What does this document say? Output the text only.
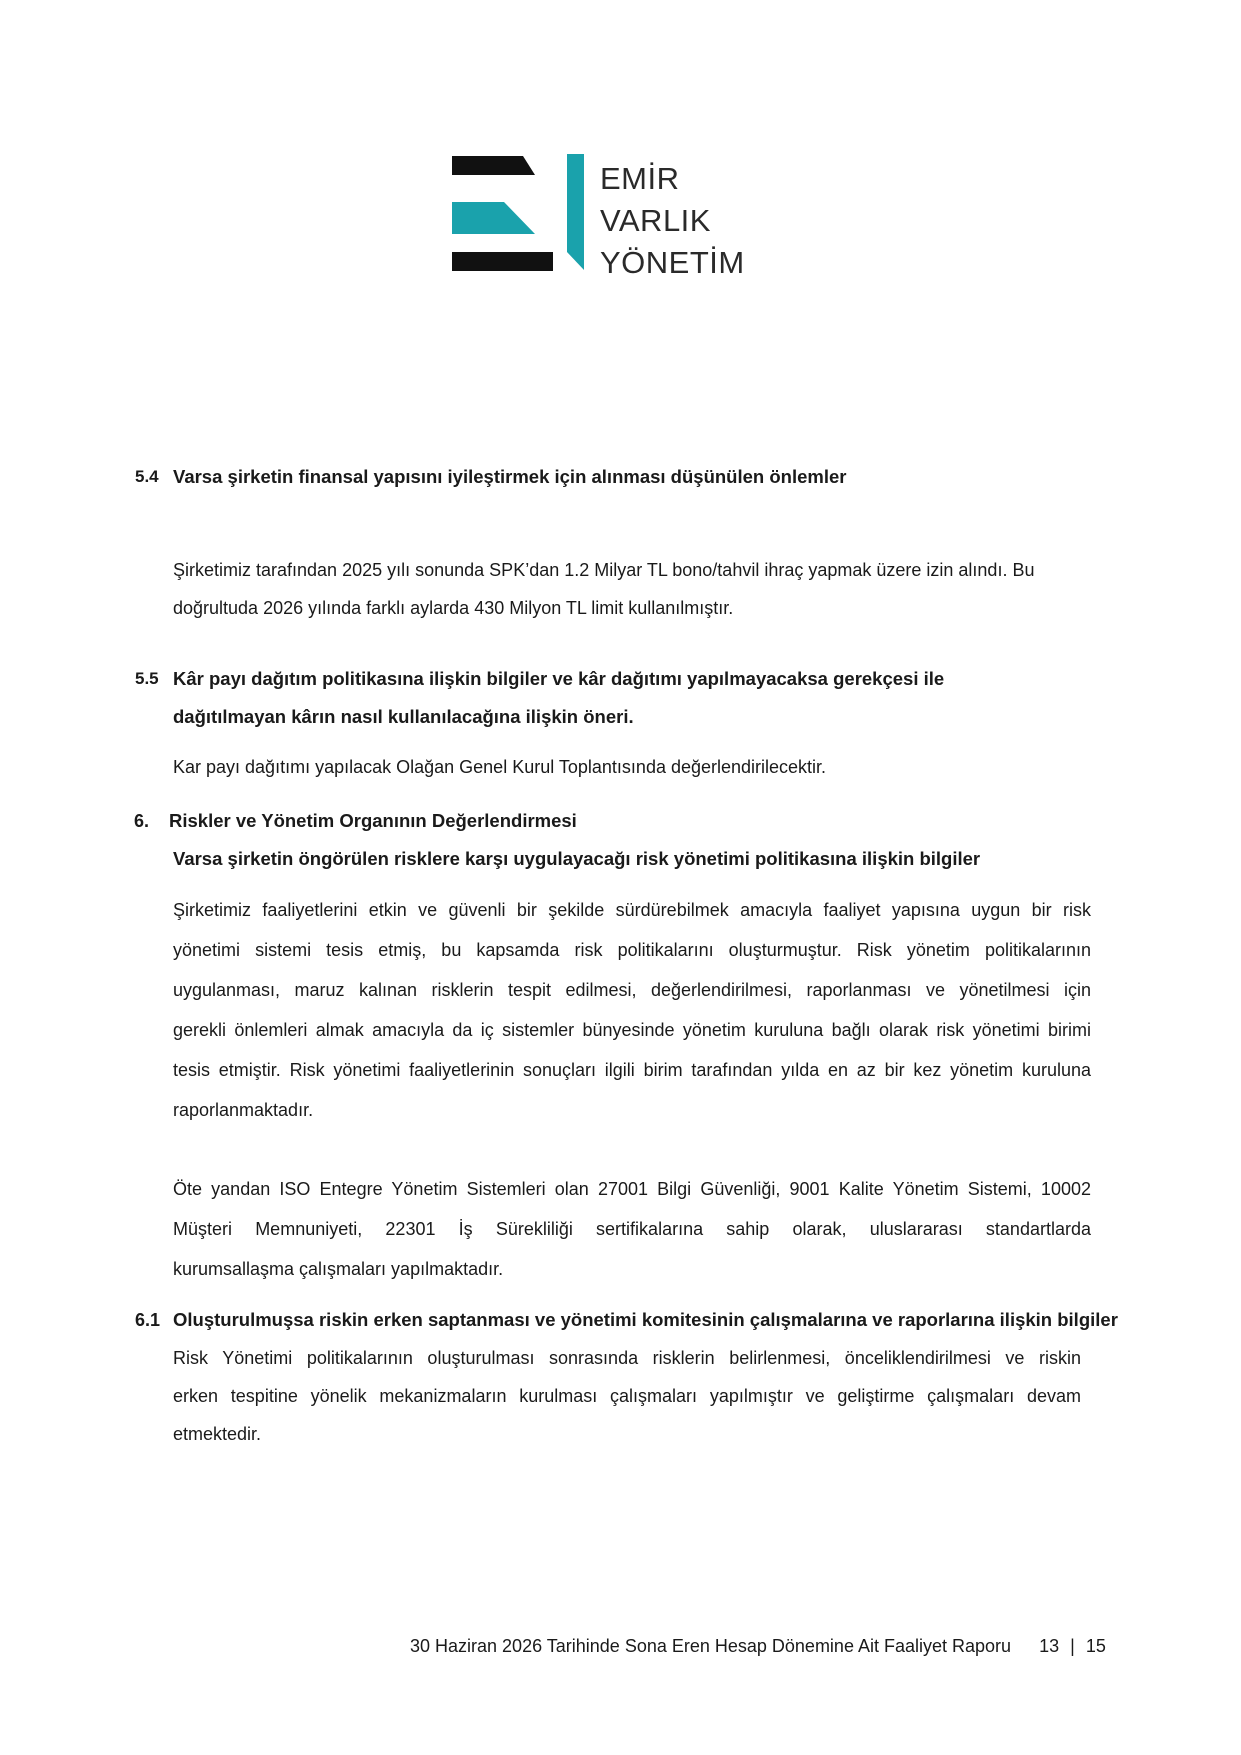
EMİR
VARLIK
YÖNETİM
5.4 Varsa şirketin finansal yapısını iyileştirmek için alınması düşünülen önlemler
Şirketimiz tarafından 2025 yılı sonunda SPK’dan 1.2 Milyar TL bono/tahvil ihraç yapmak üzere izin alındı. Bu
doğrultuda 2026 yılında farklı aylarda 430 Milyon TL limit kullanılmıştır.
5.5 Kâr payı dağıtım politikasına ilişkin bilgiler ve kâr dağıtımı yapılmayacaksa gerekçesi ile
dağıtılmayan kârın nasıl kullanılacağına ilişkin öneri.
Kar payı dağıtımı yapılacak Olağan Genel Kurul Toplantısında değerlendirilecektir.
6. Riskler ve Yönetim Organının Değerlendirmesi
Varsa şirketin öngörülen risklere karşı uygulayacağı risk yönetimi politikasına ilişkin bilgiler
Şirketimiz faaliyetlerini etkin ve güvenli bir şekilde sürdürebilmek amacıyla faaliyet yapısına uygun bir risk
yönetimi sistemi tesis etmiş, bu kapsamda risk politikalarını oluşturmuştur. Risk yönetim politikalarının
uygulanması, maruz kalınan risklerin tespit edilmesi, değerlendirilmesi, raporlanması ve yönetilmesi için
gerekli önlemleri almak amacıyla da iç sistemler bünyesinde yönetim kuruluna bağlı olarak risk yönetimi birimi
tesis etmiştir. Risk yönetimi faaliyetlerinin sonuçları ilgili birim tarafından yılda en az bir kez yönetim kuruluna
raporlanmaktadır.
Öte yandan ISO Entegre Yönetim Sistemleri olan 27001 Bilgi Güvenliği, 9001 Kalite Yönetim Sistemi, 10002
Müşteri Memnuniyeti, 22301 İş Sürekliliği sertifikalarına sahip olarak, uluslararası standartlarda
kurumsallaşma çalışmaları yapılmaktadır.
6.1 Oluşturulmuşsa riskin erken saptanması ve yönetimi komitesinin çalışmalarına ve raporlarına ilişkin bilgiler
Risk Yönetimi politikalarının oluşturulması sonrasında risklerin belirlenmesi, önceliklendirilmesi ve riskin
erken tespitine yönelik mekanizmaların kurulması çalışmaları yapılmıştır ve geliştirme çalışmaları devam
etmektedir.
30 Haziran 2026 Tarihinde Sona Eren Hesap Dönemine Ait Faaliyet Raporu 13 | 15
